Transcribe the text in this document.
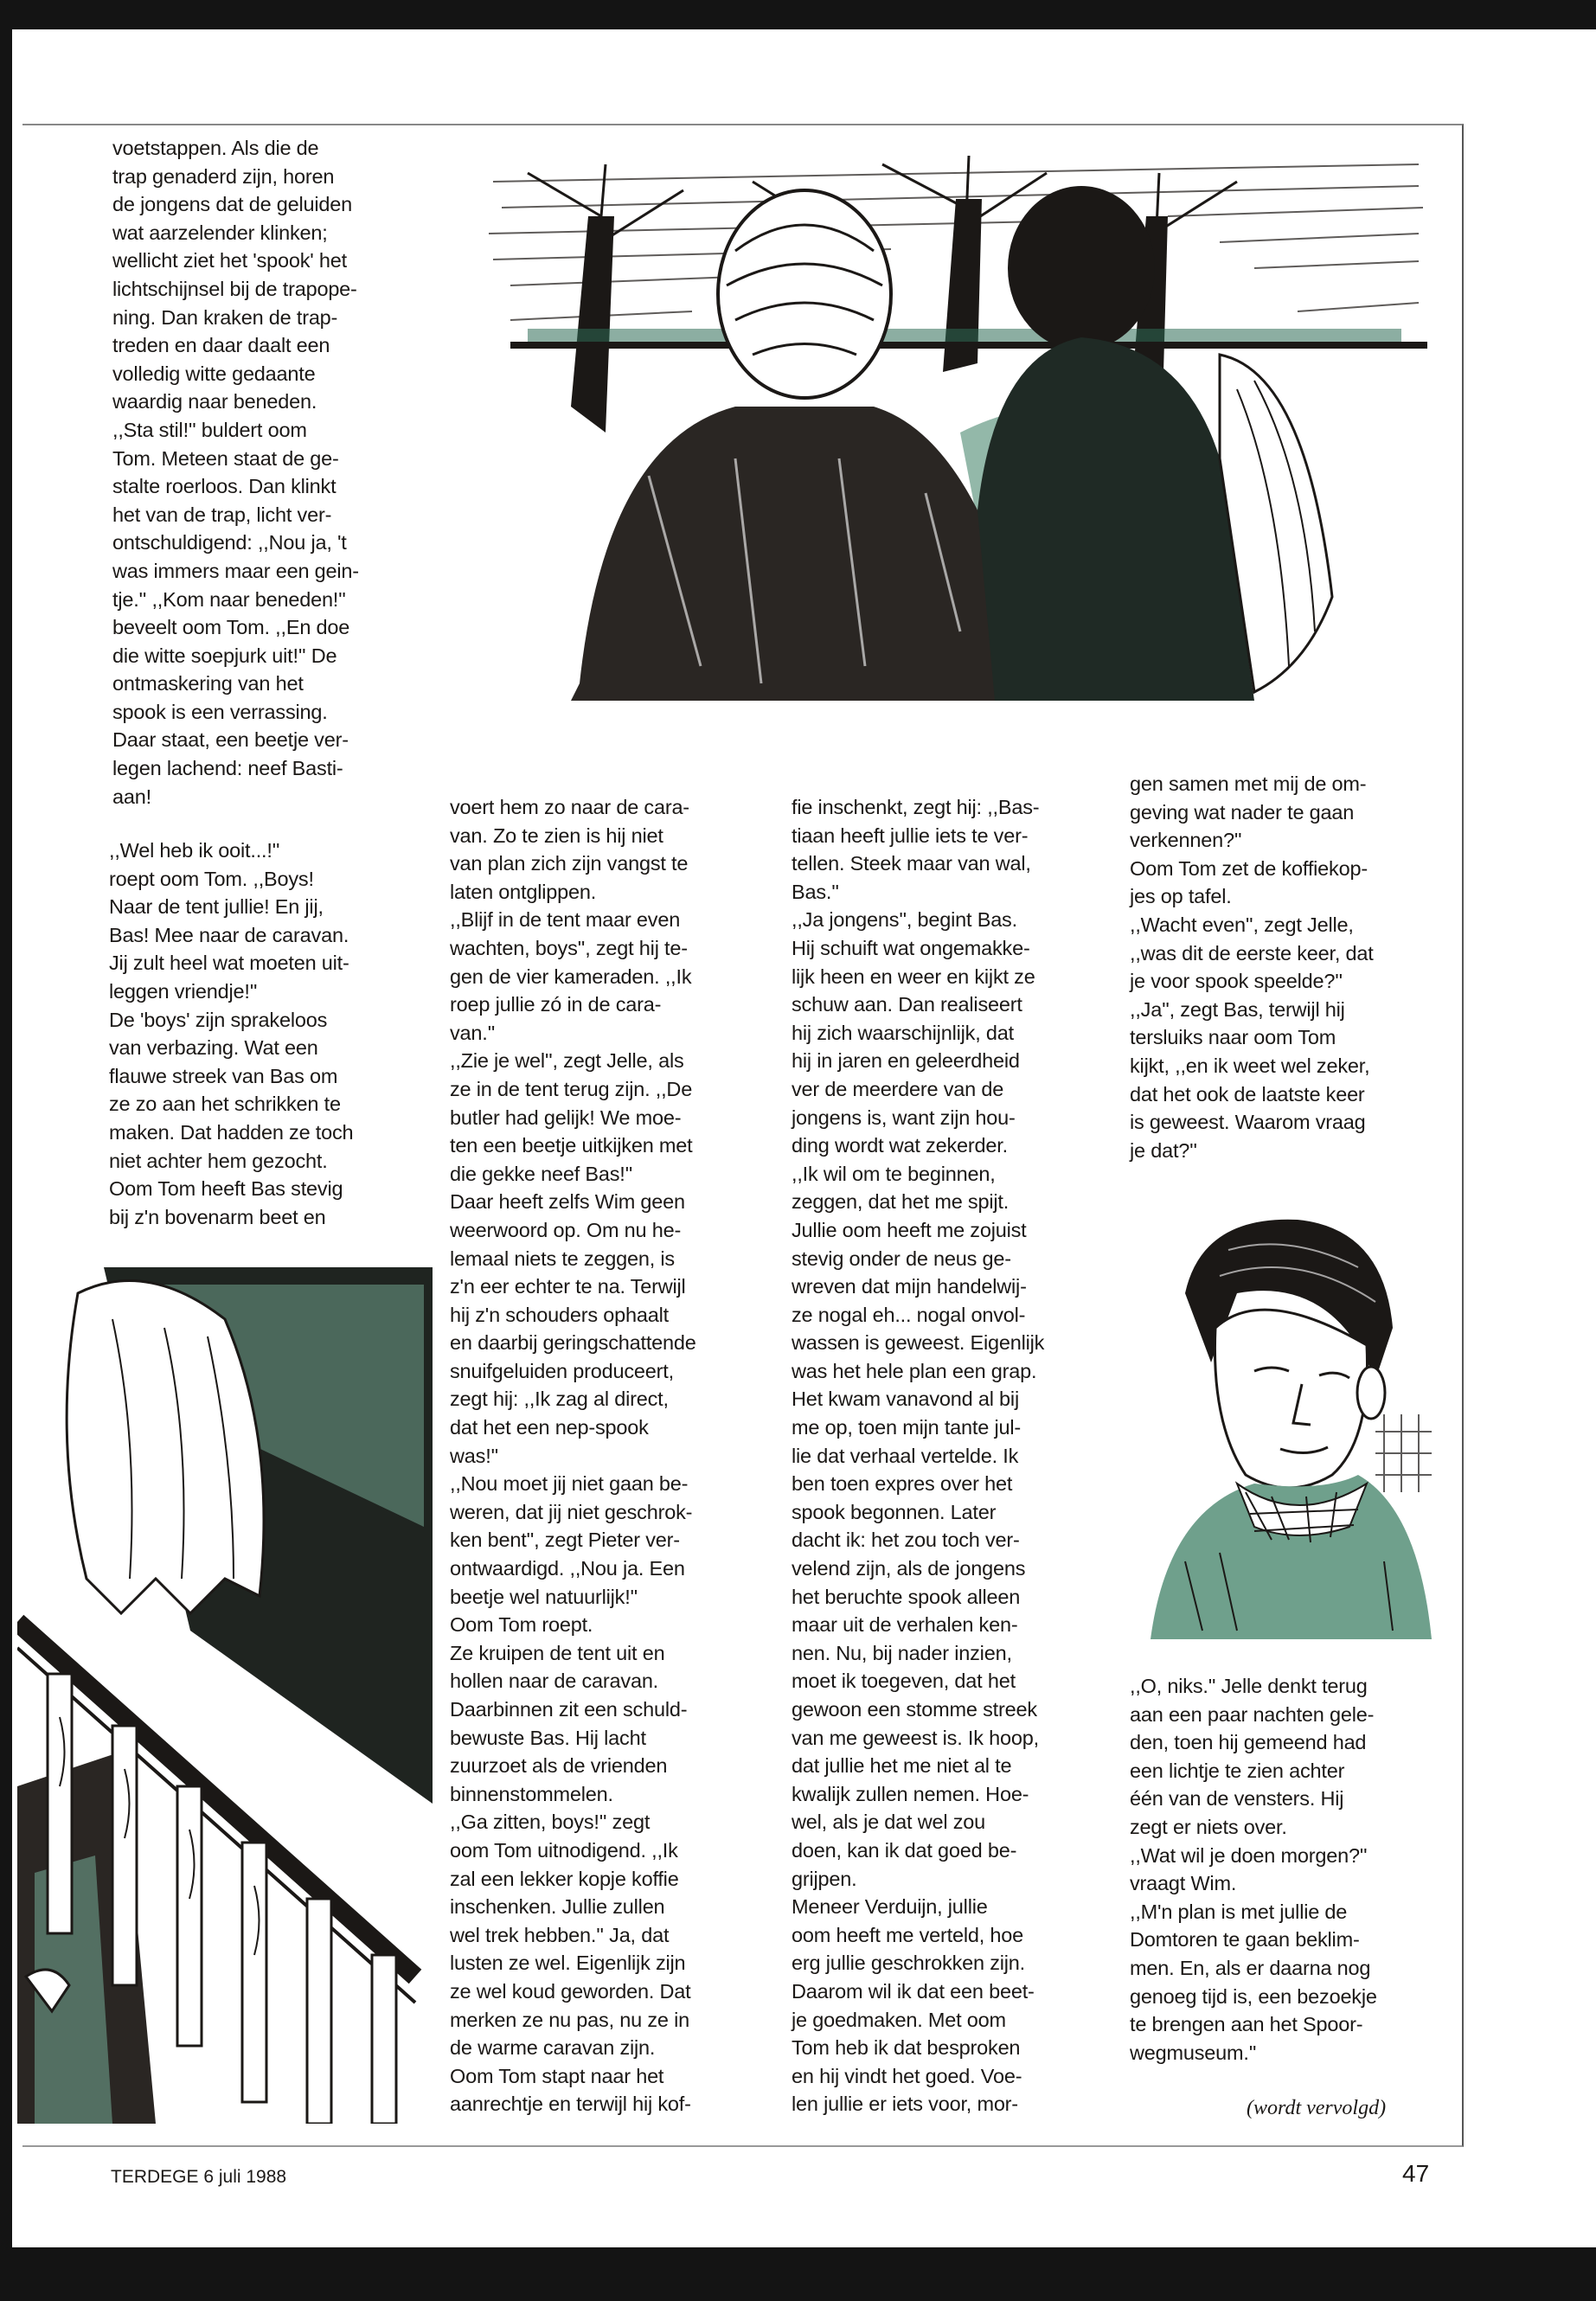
voetstappen. Als die de
trap genaderd zijn, horen
de jongens dat de geluiden
wat aarzelender klinken;
wellicht ziet het 'spook' het
lichtschijnsel bij de trapope-
ning. Dan kraken de trap-
treden en daar daalt een
volledig witte gedaante
waardig naar beneden.
,,Sta stil!'' buldert oom
Tom. Meteen staat de ge-
stalte roerloos. Dan klinkt
het van de trap, licht ver-
ontschuldigend: ,,Nou ja, 't
was immers maar een gein-
tje.'' ,,Kom naar beneden!''
beveelt oom Tom. ,,En doe
die witte soepjurk uit!'' De
ontmaskering van het
spook is een verrassing.
Daar staat, een beetje ver-
legen lachend: neef Basti-
aan!
,,Wel heb ik ooit...!''
roept oom Tom. ,,Boys!
Naar de tent jullie! En jij,
Bas! Mee naar de caravan.
Jij zult heel wat moeten uit-
leggen vriendje!''
De 'boys' zijn sprakeloos
van verbazing. Wat een
flauwe streek van Bas om
ze zo aan het schrikken te
maken. Dat hadden ze toch
niet achter hem gezocht.
Oom Tom heeft Bas stevig
bij z'n bovenarm beet en
voert hem zo naar de cara-
van. Zo te zien is hij niet
van plan zich zijn vangst te
laten ontglippen.
,,Blijf in de tent maar even
wachten, boys'', zegt hij te-
gen de vier kameraden. ,,Ik
roep jullie zó in de cara-
van.''
,,Zie je wel'', zegt Jelle, als
ze in de tent terug zijn. ,,De
butler had gelijk! We moe-
ten een beetje uitkijken met
die gekke neef Bas!''
Daar heeft zelfs Wim geen
weerwoord op. Om nu he-
lemaal niets te zeggen, is
z'n eer echter te na. Terwijl
hij z'n schouders ophaalt
en daarbij geringschattende
snuifgeluiden produceert,
zegt hij: ,,Ik zag al direct,
dat het een nep-spook
was!''
,,Nou moet jij niet gaan be-
weren, dat jij niet geschrok-
ken bent'', zegt Pieter ver-
ontwaardigd. ,,Nou ja. Een
beetje wel natuurlijk!''
Oom Tom roept.
Ze kruipen de tent uit en
hollen naar de caravan.
Daarbinnen zit een schuld-
bewuste Bas. Hij lacht
zuurzoet als de vrienden
binnenstommelen.
,,Ga zitten, boys!'' zegt
oom Tom uitnodigend. ,,Ik
zal een lekker kopje koffie
inschenken. Jullie zullen
wel trek hebben.'' Ja, dat
lusten ze wel. Eigenlijk zijn
ze wel koud geworden. Dat
merken ze nu pas, nu ze in
de warme caravan zijn.
Oom Tom stapt naar het
aanrechtje en terwijl hij kof-
fie inschenkt, zegt hij: ,,Bas-
tiaan heeft jullie iets te ver-
tellen. Steek maar van wal,
Bas.''
,,Ja jongens'', begint Bas.
Hij schuift wat ongemakke-
lijk heen en weer en kijkt ze
schuw aan. Dan realiseert
hij zich waarschijnlijk, dat
hij in jaren en geleerdheid
ver de meerdere van de
jongens is, want zijn hou-
ding wordt wat zekerder.
,,Ik wil om te beginnen,
zeggen, dat het me spijt.
Jullie oom heeft me zojuist
stevig onder de neus ge-
wreven dat mijn handelwij-
ze nogal eh... nogal onvol-
wassen is geweest. Eigenlijk
was het hele plan een grap.
Het kwam vanavond al bij
me op, toen mijn tante jul-
lie dat verhaal vertelde. Ik
ben toen expres over het
spook begonnen. Later
dacht ik: het zou toch ver-
velend zijn, als de jongens
het beruchte spook alleen
maar uit de verhalen ken-
nen. Nu, bij nader inzien,
moet ik toegeven, dat het
gewoon een stomme streek
van me geweest is. Ik hoop,
dat jullie het me niet al te
kwalijk zullen nemen. Hoe-
wel, als je dat wel zou
doen, kan ik dat goed be-
grijpen.
Meneer Verduijn, jullie
oom heeft me verteld, hoe
erg jullie geschrokken zijn.
Daarom wil ik dat een beet-
je goedmaken. Met oom
Tom heb ik dat besproken
en hij vindt het goed. Voe-
len jullie er iets voor, mor-
gen samen met mij de om-
geving wat nader te gaan
verkennen?''
Oom Tom zet de koffiekop-
jes op tafel.
,,Wacht even'', zegt Jelle,
,,was dit de eerste keer, dat
je voor spook speelde?''
,,Ja'', zegt Bas, terwijl hij
tersluiks naar oom Tom
kijkt, ,,en ik weet wel zeker,
dat het ook de laatste keer
is geweest. Waarom vraag
je dat?''
,,O, niks.'' Jelle denkt terug
aan een paar nachten gele-
den, toen hij gemeend had
een lichtje te zien achter
één van de vensters. Hij
zegt er niets over.
,,Wat wil je doen morgen?''
vraagt Wim.
,,M'n plan is met jullie de
Domtoren te gaan beklim-
men. En, als er daarna nog
genoeg tijd is, een bezoekje
te brengen aan het Spoor-
wegmuseum.''
(wordt vervolgd)
TERDEGE 6 juli 1988	47
